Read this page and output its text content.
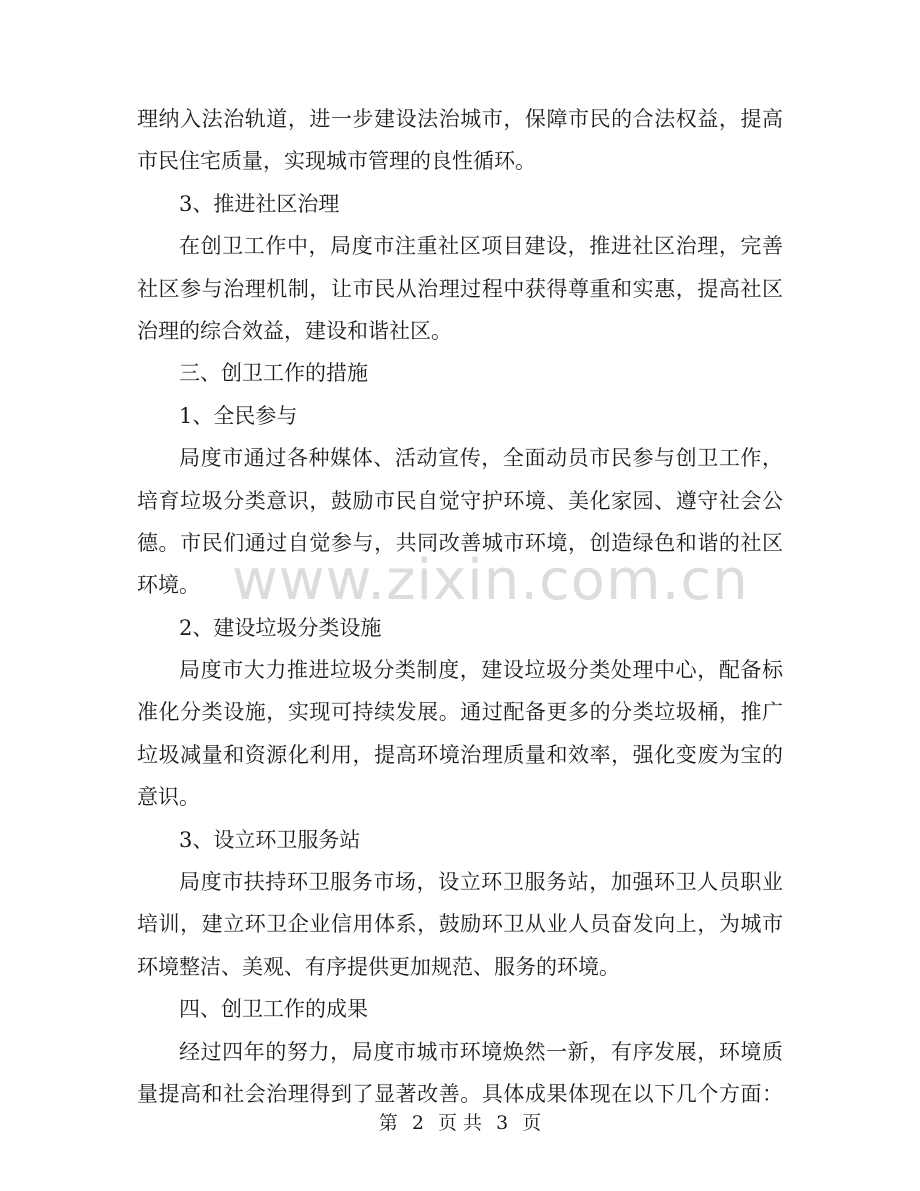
理纳入法治轨道，进一步建设法治城市，保障市民的合法权益，提高
市民住宅质量，实现城市管理的良性循环。
3、推进社区治理
在创卫工作中，局度市注重社区项目建设，推进社区治理，完善
社区参与治理机制，让市民从治理过程中获得尊重和实惠，提高社区
治理的综合效益，建设和谐社区。
三、创卫工作的措施
1、全民参与
局度市通过各种媒体、活动宣传，全面动员市民参与创卫工作，
培育垃圾分类意识，鼓励市民自觉守护环境、美化家园、遵守社会公
德。市民们通过自觉参与，共同改善城市环境，创造绿色和谐的社区
环境。
2、建设垃圾分类设施
局度市大力推进垃圾分类制度，建设垃圾分类处理中心，配备标
准化分类设施，实现可持续发展。通过配备更多的分类垃圾桶，推广
垃圾减量和资源化利用，提高环境治理质量和效率，强化变废为宝的
意识。
3、设立环卫服务站
局度市扶持环卫服务市场，设立环卫服务站，加强环卫人员职业
培训，建立环卫企业信用体系，鼓励环卫从业人员奋发向上，为城市
环境整洁、美观、有序提供更加规范、服务的环境。
四、创卫工作的成果
经过四年的努力，局度市城市环境焕然一新，有序发展，环境质
量提高和社会治理得到了显著改善。具体成果体现在以下几个方面：
www.zixin.com.cn
第 2 页 共 3 页
